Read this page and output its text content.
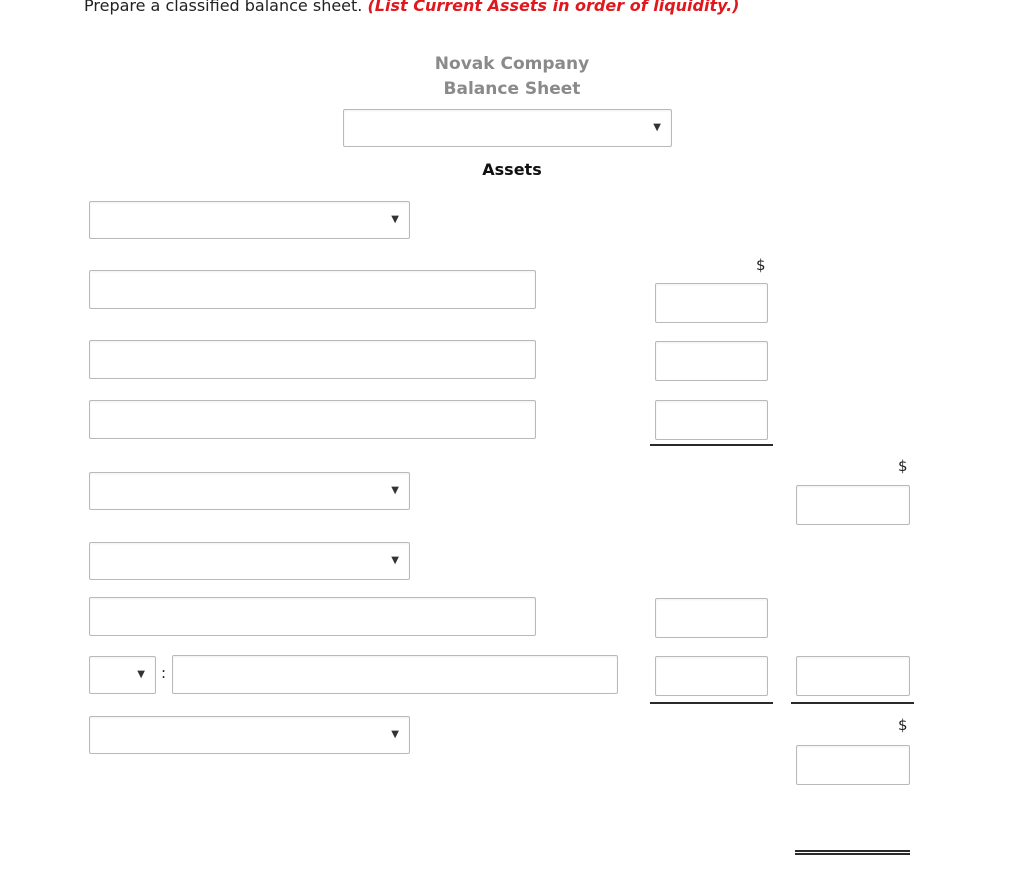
Prepare a classified balance sheet. (List Current Assets in order of liquidity.)
Novak Company
Balance Sheet
▼
Assets
▼
$
$
▼
▼
▼ :
$
▼
